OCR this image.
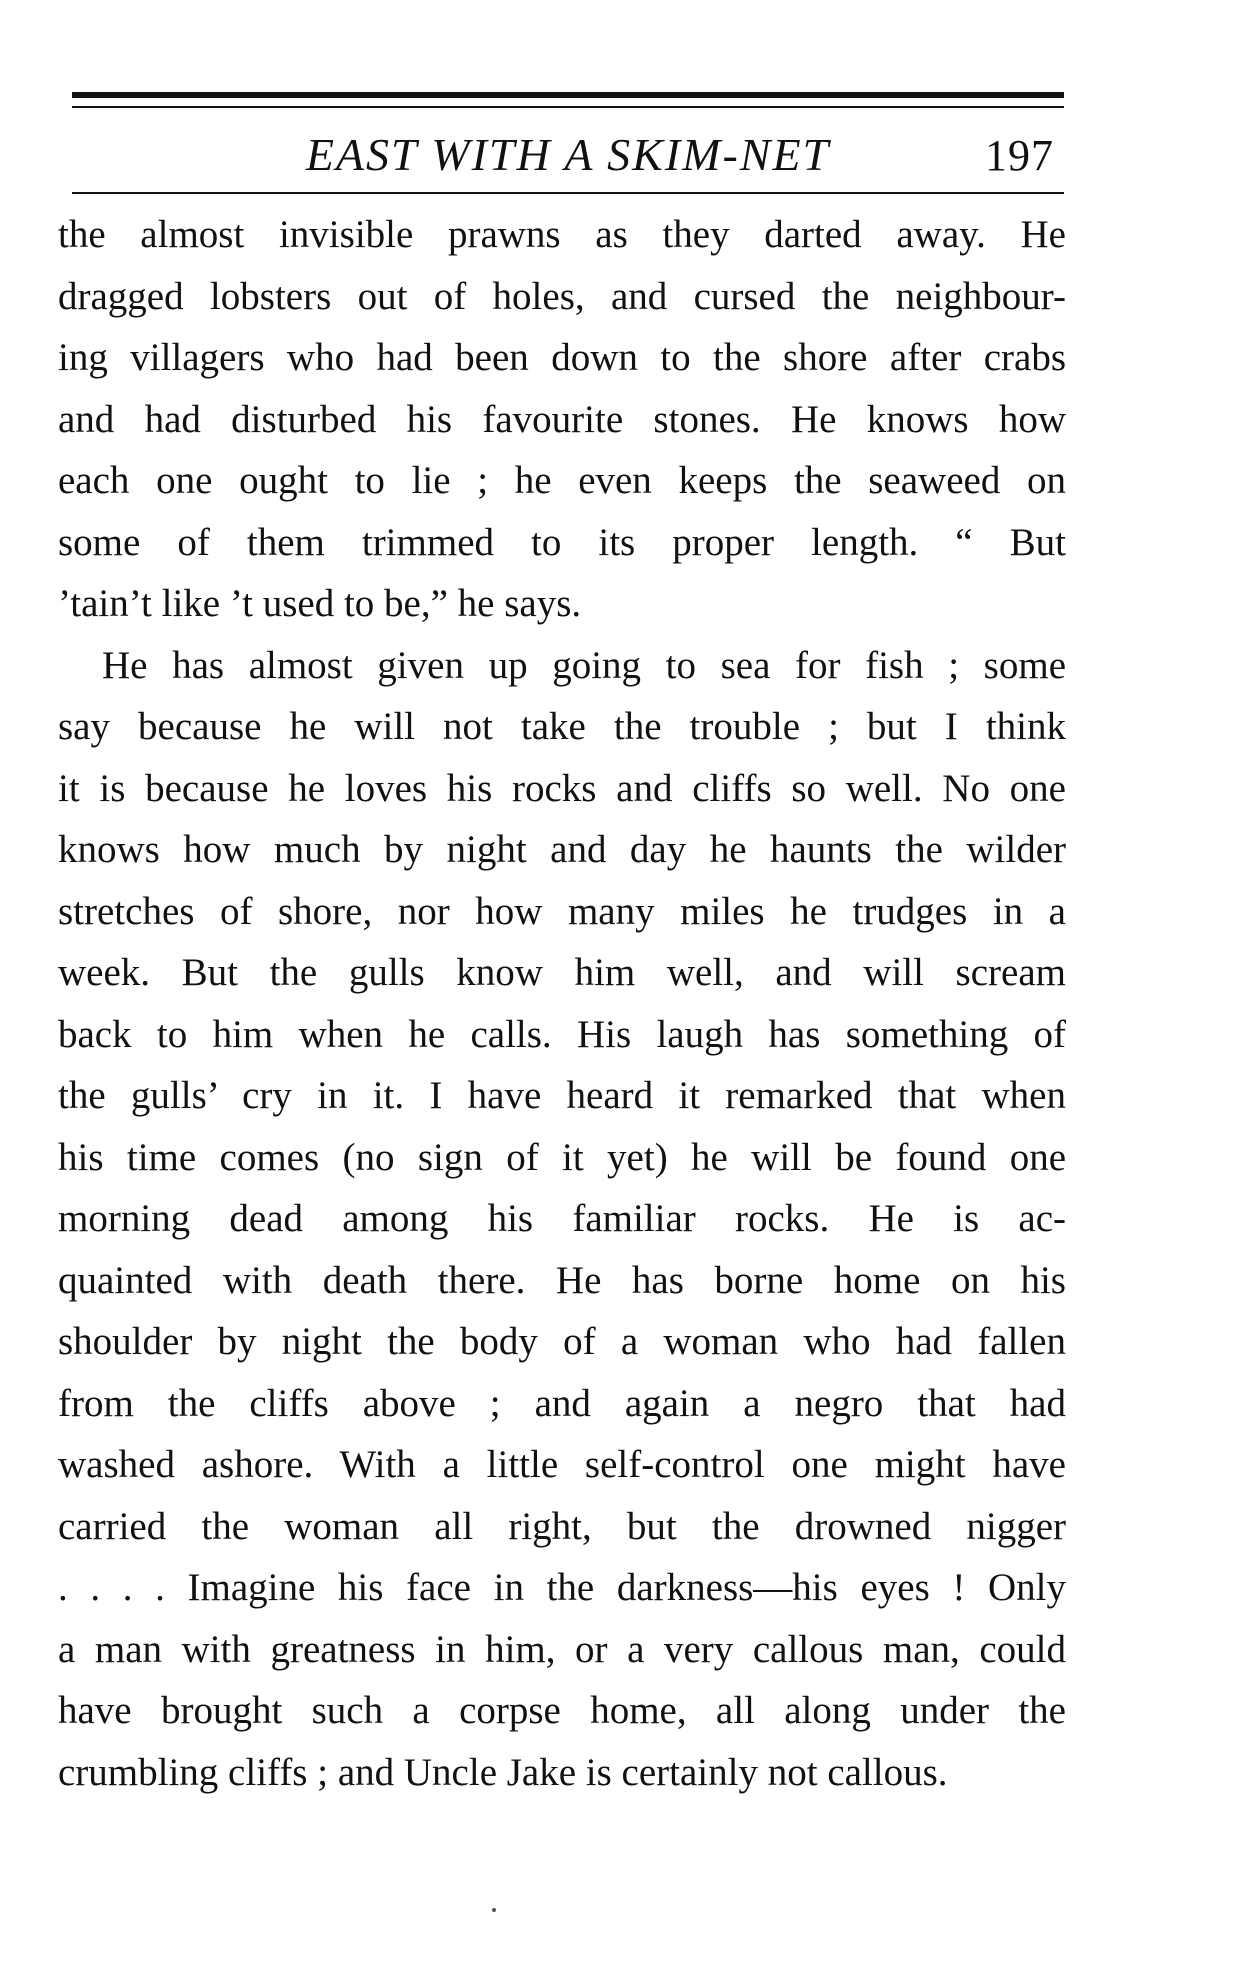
EAST WITH A SKIM-NET	197
the almost invisible prawns as they darted away. He
dragged lobsters out of holes, and cursed the neighbour-
ing villagers who had been down to the shore after crabs
and had disturbed his favourite stones. He knows how
each one ought to lie ; he even keeps the seaweed on
some of them trimmed to its proper length. “ But
’tain’t like ’t used to be,” he says.
He has almost given up going to sea for fish ; some
say because he will not take the trouble ; but I think
it is because he loves his rocks and cliffs so well. No one
knows how much by night and day he haunts the wilder
stretches of shore, nor how many miles he trudges in a
week. But the gulls know him well, and will scream
back to him when he calls. His laugh has something of
the gulls’ cry in it. I have heard it remarked that when
his time comes (no sign of it yet) he will be found one
morning dead among his familiar rocks. He is ac-
quainted with death there. He has borne home on his
shoulder by night the body of a woman who had fallen
from the cliffs above ; and again a negro that had
washed ashore. With a little self-control one might have
carried the woman all right, but the drowned nigger
. . . . Imagine his face in the darkness—his eyes ! Only
a man with greatness in him, or a very callous man, could
have brought such a corpse home, all along under the
crumbling cliffs ; and Uncle Jake is certainly not callous.
